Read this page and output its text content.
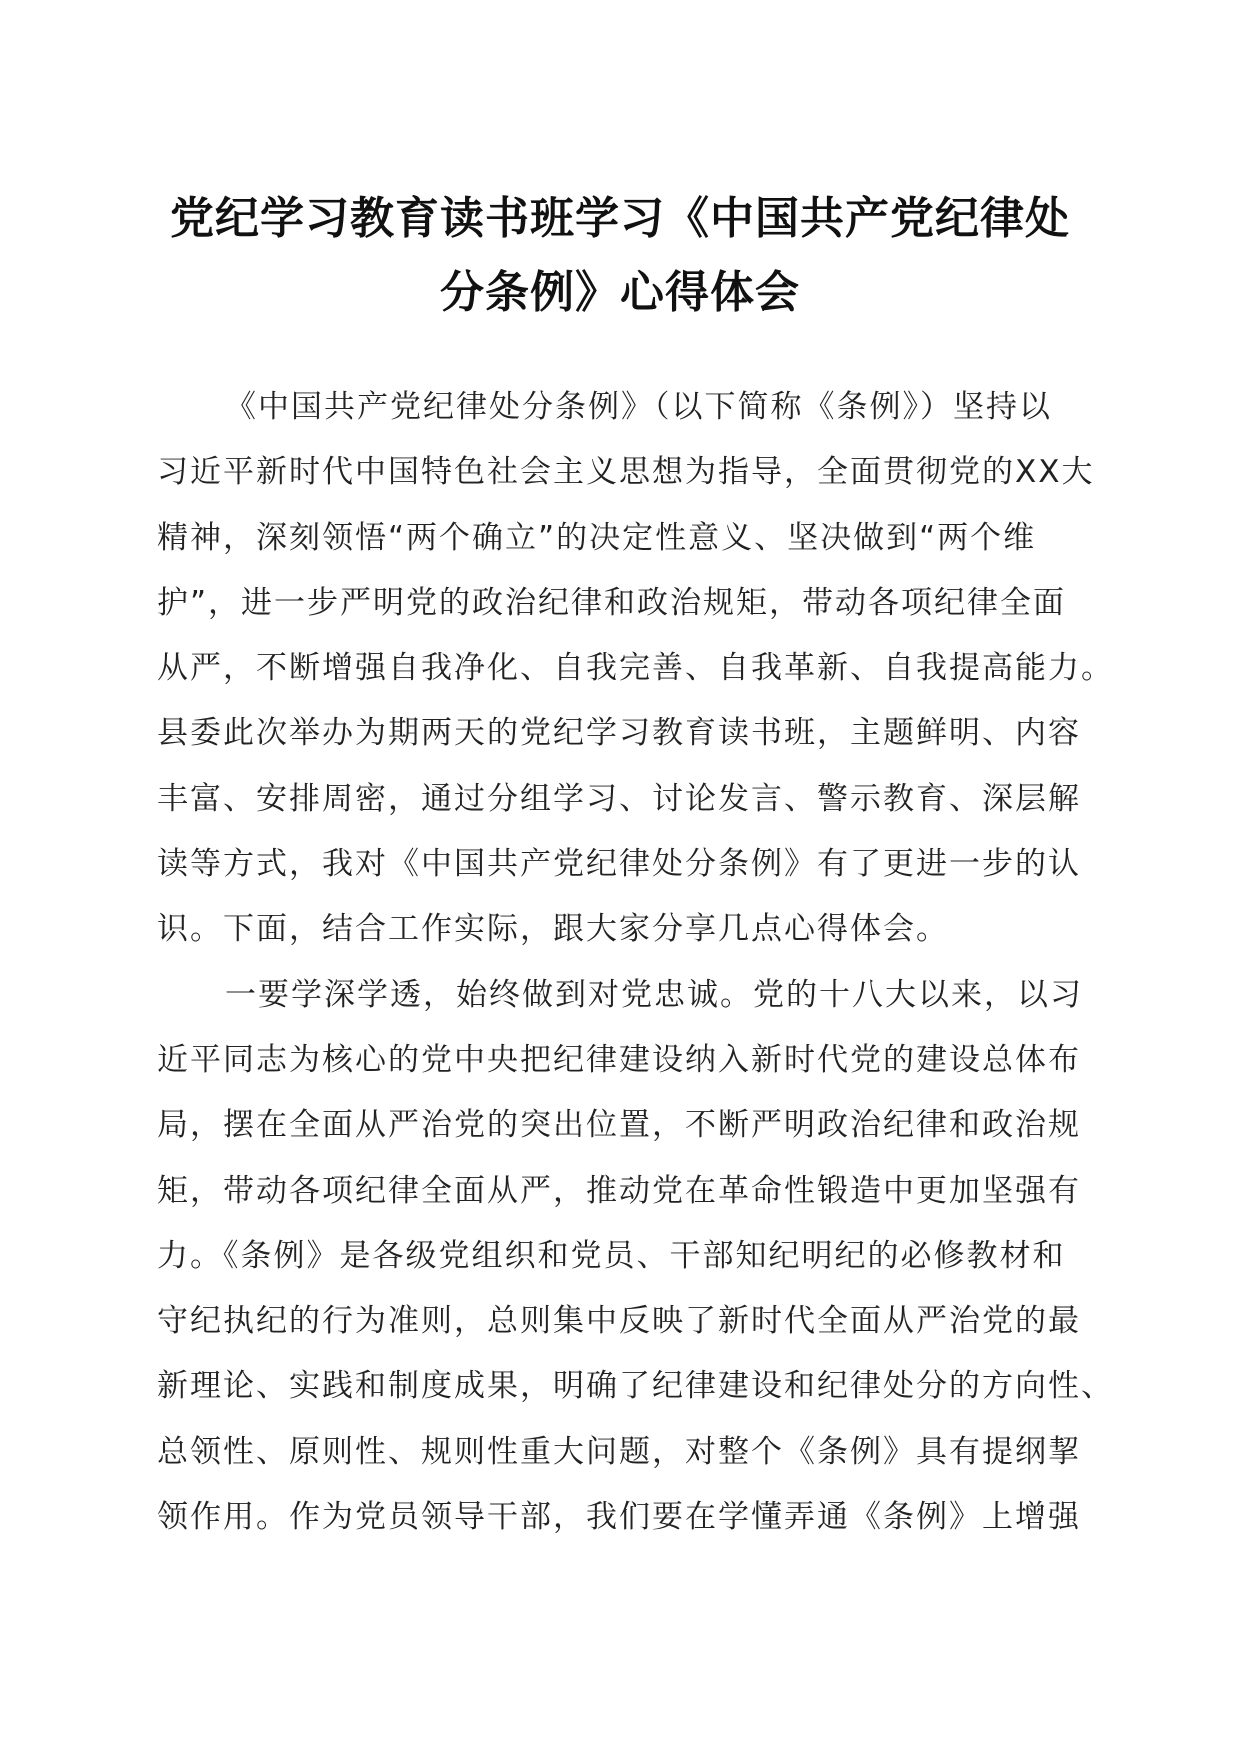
党纪学习教育读书班学习《中国共产党纪律处
分条例》心得体会
《中国共产党纪律处分条例》（以下简称《条例》）坚持以
习近平新时代中国特色社会主义思想为指导，全面贯彻党的XX大
精神，深刻领悟“两个确立”的决定性意义、坚决做到“两个维
护”，进一步严明党的政治纪律和政治规矩，带动各项纪律全面
从严，不断增强自我净化、自我完善、自我革新、自我提高能力。
县委此次举办为期两天的党纪学习教育读书班，主题鲜明、内容
丰富、安排周密，通过分组学习、讨论发言、警示教育、深层解
读等方式，我对《中国共产党纪律处分条例》有了更进一步的认
识。下面，结合工作实际，跟大家分享几点心得体会。
一要学深学透，始终做到对党忠诚。党的十八大以来，以习
近平同志为核心的党中央把纪律建设纳入新时代党的建设总体布
局，摆在全面从严治党的突出位置，不断严明政治纪律和政治规
矩，带动各项纪律全面从严，推动党在革命性锻造中更加坚强有
力。《条例》是各级党组织和党员、干部知纪明纪的必修教材和
守纪执纪的行为准则，总则集中反映了新时代全面从严治党的最
新理论、实践和制度成果，明确了纪律建设和纪律处分的方向性、
总领性、原则性、规则性重大问题，对整个《条例》具有提纲挈
领作用。作为党员领导干部，我们要在学懂弄通《条例》上增强
